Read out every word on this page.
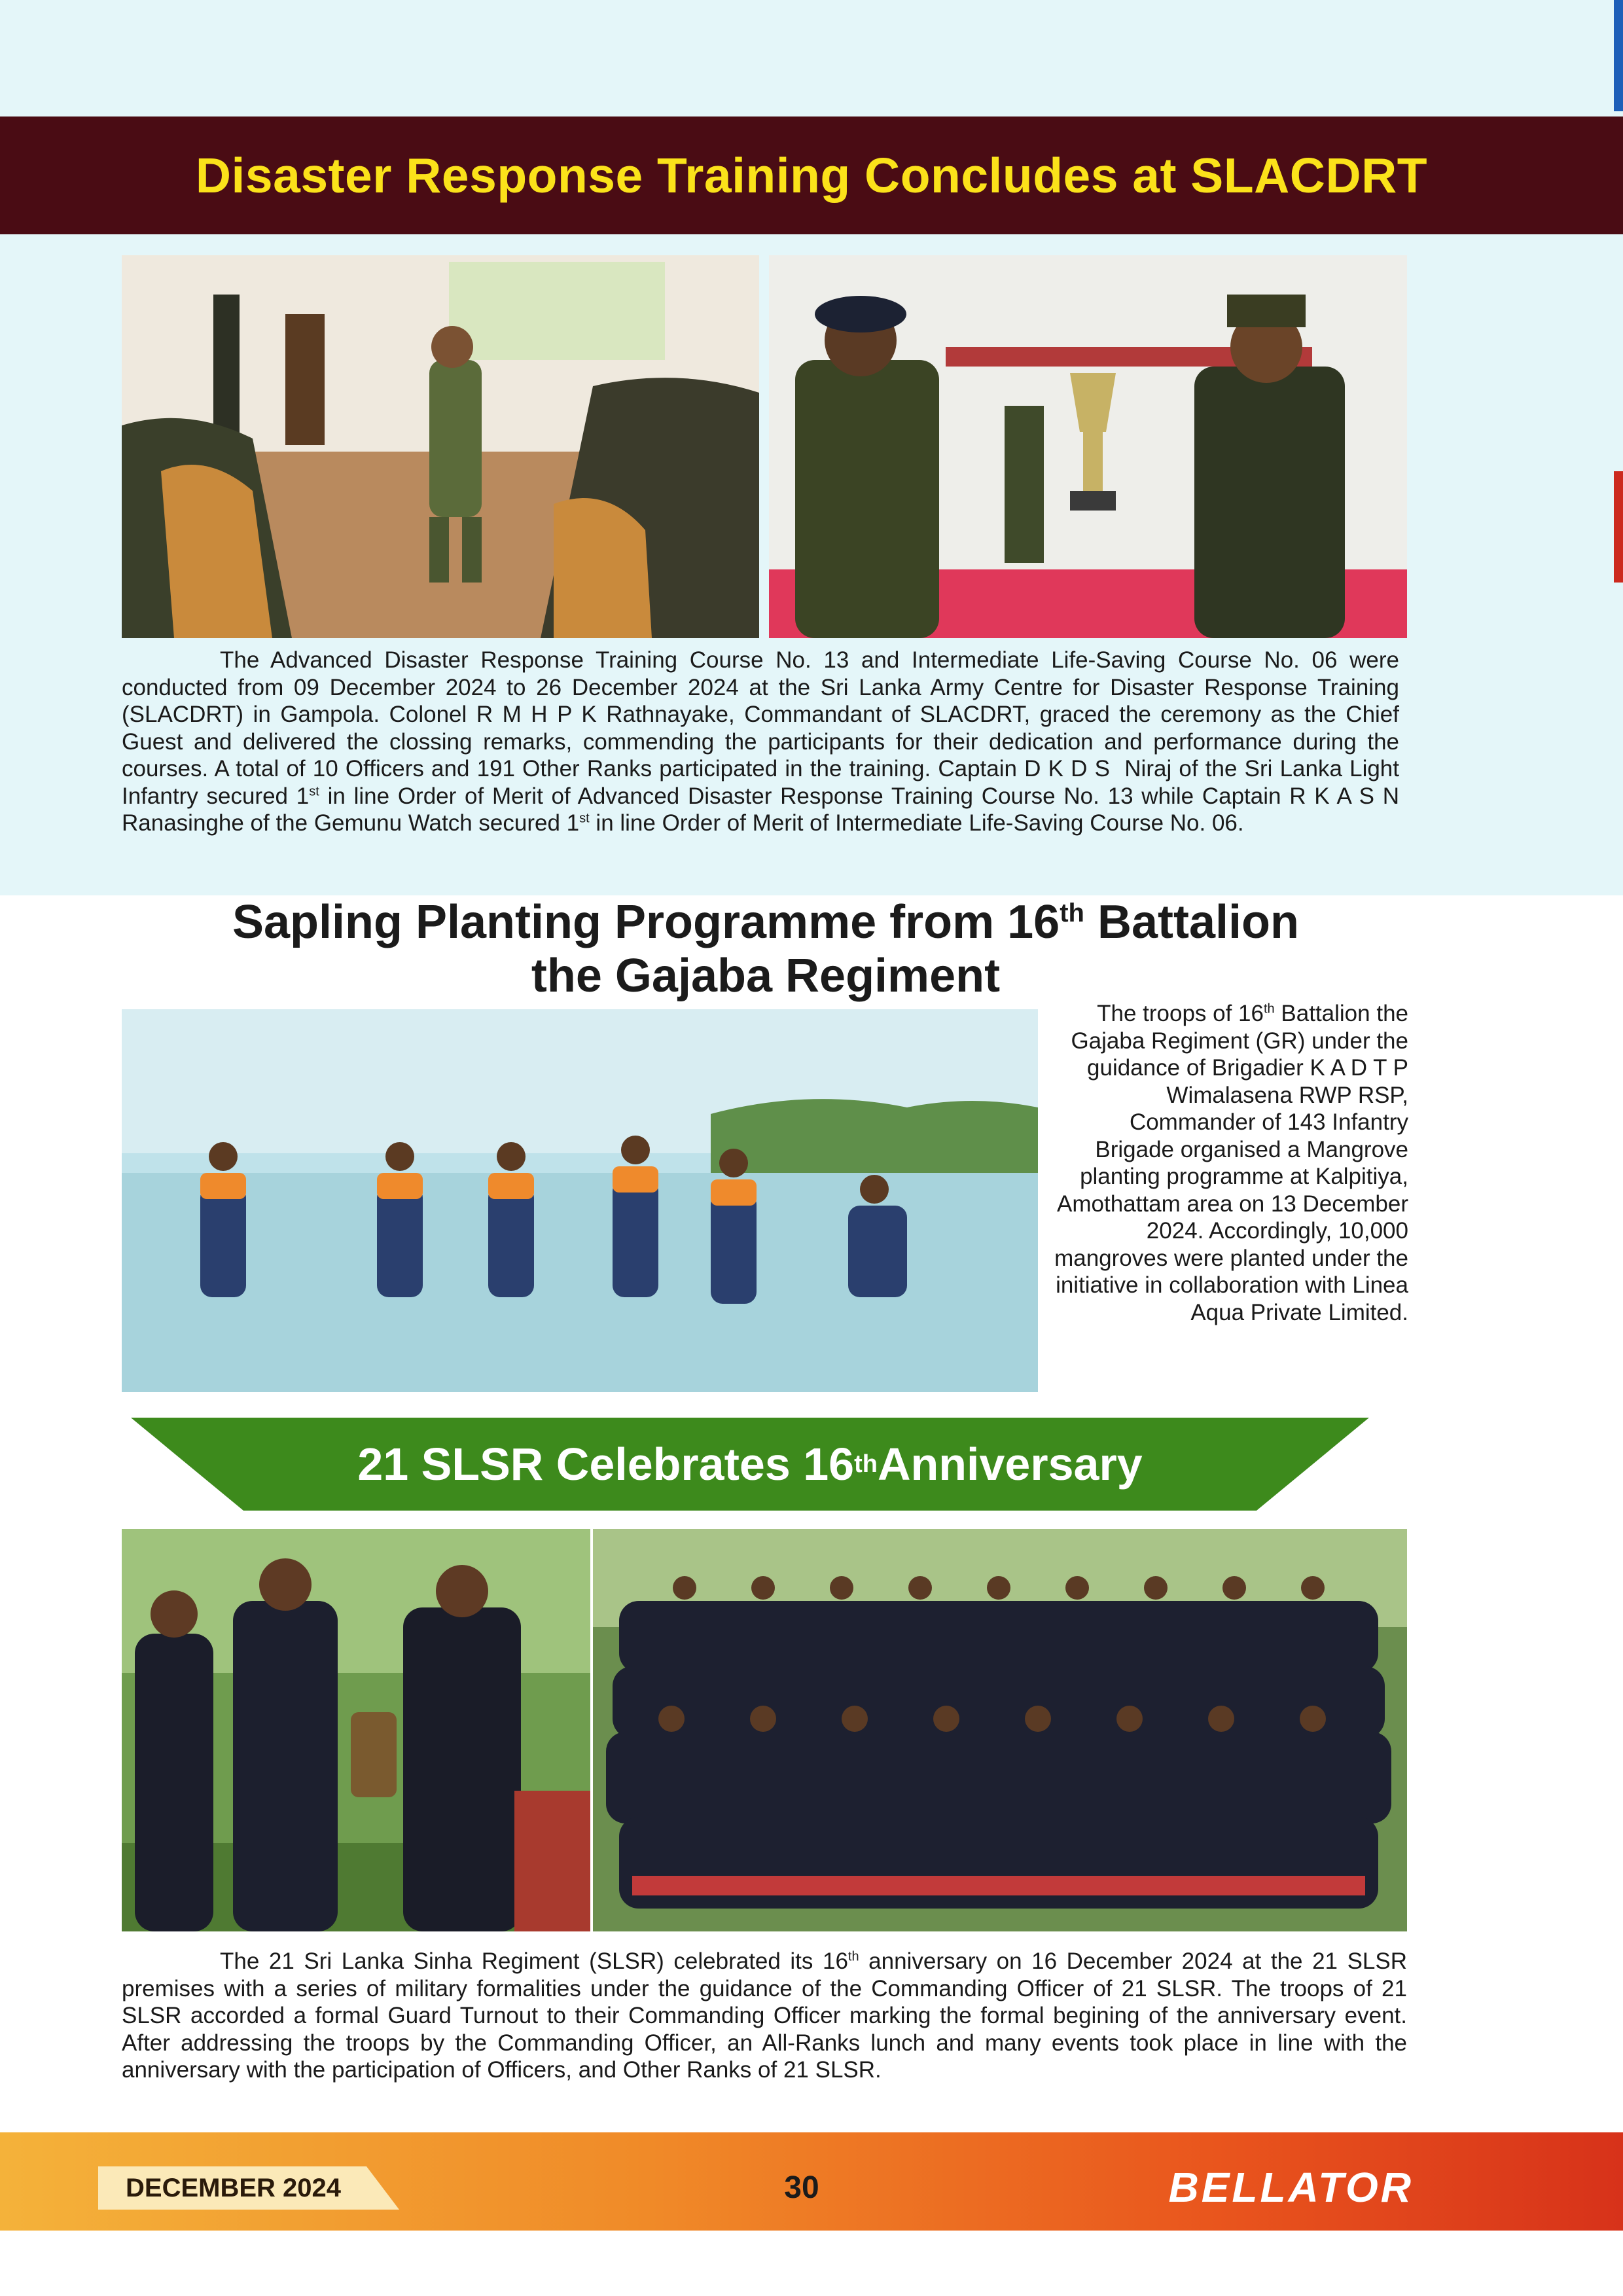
Disaster Response Training Concludes at SLACDRT
The Advanced Disaster Response Training Course No. 13 and Intermediate Life-Saving Course No. 06 were conducted from 09 December 2024 to 26 December 2024 at the Sri Lanka Army Centre for Disaster Response Training (SLACDRT) in Gampola. Colonel R M H P K Rathnayake, Commandant of SLACDRT, graced the ceremony as the Chief Guest and delivered the clossing remarks, commending the participants for their dedication and performance during the courses. A total of 10 Officers and 191 Other Ranks participated in the training. Captain D K D S  Niraj of the Sri Lanka Light Infantry secured 1st in line Order of Merit of Advanced Disaster Response Training Course No. 13 while Captain R K A S N Ranasinghe of the Gemunu Watch secured 1st in line Order of Merit of Intermediate Life-Saving Course No. 06.
Sapling Planting Programme from 16th Battalion
the Gajaba Regiment
The troops of 16th Battalion the Gajaba Regiment (GR) under the guidance of Brigadier K A D T P Wimalasena RWP RSP, Commander of 143 Infantry Brigade organised a Mangrove planting programme at Kalpitiya, Amothattam area on 13 December 2024. Accordingly, 10,000 mangroves were planted under the initiative in collaboration with Linea Aqua Private Limited.
21 SLSR Celebrates 16 th Anniversary
The 21 Sri Lanka Sinha Regiment (SLSR) celebrated its 16th anniversary on 16 December 2024 at the 21 SLSR premises with a series of military formalities under the guidance of the Commanding Officer of 21 SLSR. The troops of 21 SLSR accorded a formal Guard Turnout to their Commanding Officer marking the formal begining of the anniversary event. After addressing the troops by the Commanding Officer, an All-Ranks lunch and many events took place in line with the anniversary with the participation of Officers, and Other Ranks of 21 SLSR.
DECEMBER 2024	30	BELLATOR
